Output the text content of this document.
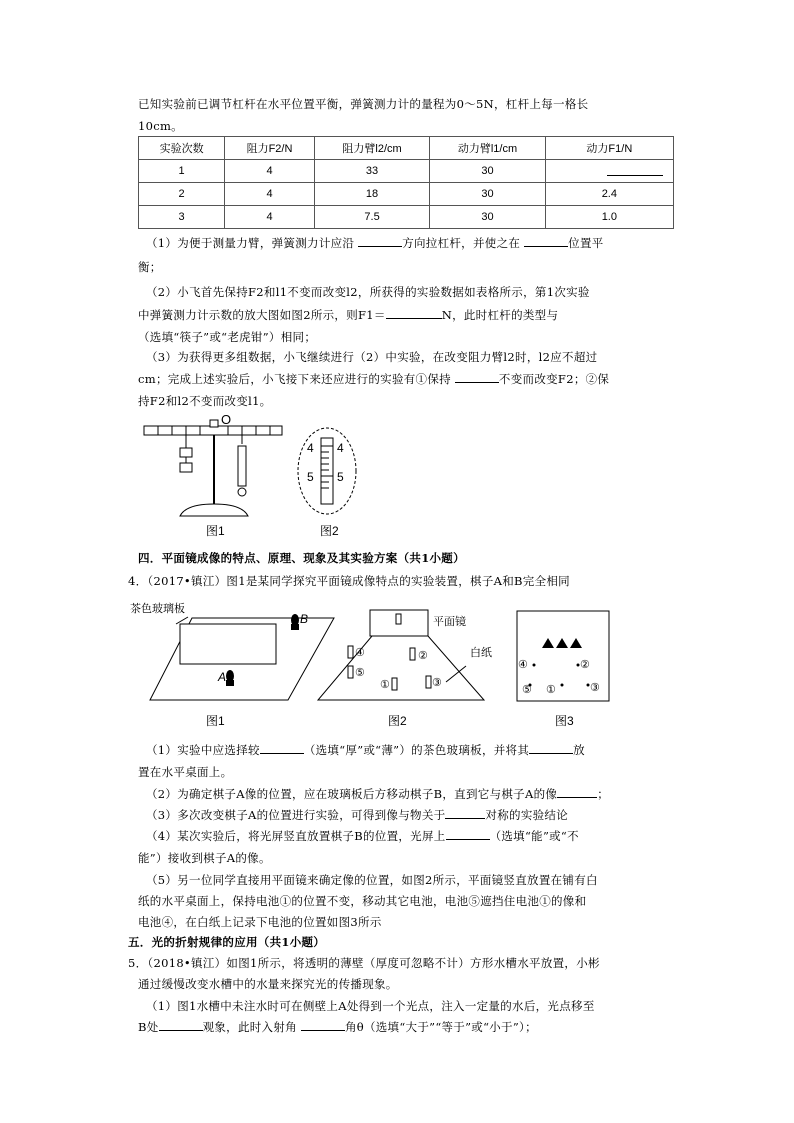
已知实验前已调节杠杆在水平位置平衡，弹簧测力计的量程为0～5N，杠杆上每一格长
10cm。
实验次数	阻力F2/N	阻力臂l2/cm	动力臂l1/cm	动力F1/N
1	4	33	30	
2	4	18	30	2.4
3	4	7.5	30	1.0
（1）为便于测量力臂，弹簧测力计应沿	方向拉杠杆，并使之在	位置平
衡；
（2）小飞首先保持F2和l1不变而改变l2，所获得的实验数据如表格所示，第1次实验
中弹簧测力计示数的放大图如图2所示，则F1＝	N，此时杠杆的类型与
（选填“筷子”或“老虎钳”）相同；
（3）为获得更多组数据，小飞继续进行（2）中实验，在改变阻力臂l2时，l2应不超过
cm；完成上述实验后，小飞接下来还应进行的实验有①保持	不变而改变F2；②保
持F2和l2不变而改变l1。
O
图1
4 4
5 5
图2
四．平面镜成像的特点、原理、现象及其实验方案（共1小题）
4．（2017•镇江）图1是某同学探究平面镜成像特点的实验装置，棋子A和B完全相同
茶色玻璃板
B
A
图1
平面镜
白纸
④	②
⑤
①	③
图2
④	②
⑤ ①	③
图3
（1）实验中应选择较	（选填“厚”或“薄”）的茶色玻璃板，并将其	放
置在水平桌面上。
（2）为确定棋子A像的位置，应在玻璃板后方移动棋子B，直到它与棋子A的像	；
（3）多次改变棋子A的位置进行实验，可得到像与物关于	对称的实验结论
（4）某次实验后，将光屏竖直放置棋子B的位置，光屏上	（选填“能”或“不
能”）接收到棋子A的像。
（5）另一位同学直接用平面镜来确定像的位置，如图2所示，平面镜竖直放置在铺有白
纸的水平桌面上，保持电池①的位置不变，移动其它电池，电池⑤遮挡住电池①的像和
电池④，在白纸上记录下电池的位置如图3所示
五．光的折射规律的应用（共1小题）
5．（2018•镇江）如图1所示，将透明的薄壁（厚度可忽略不计）方形水槽水平放置，小彬
通过缓慢改变水槽中的水量来探究光的传播现象。
（1）图1水槽中未注水时可在侧壁上A处得到一个光点，注入一定量的水后，光点移至
B处	观象，此时入射角	角θ（选填“大于”“等于”或“小于”）；
